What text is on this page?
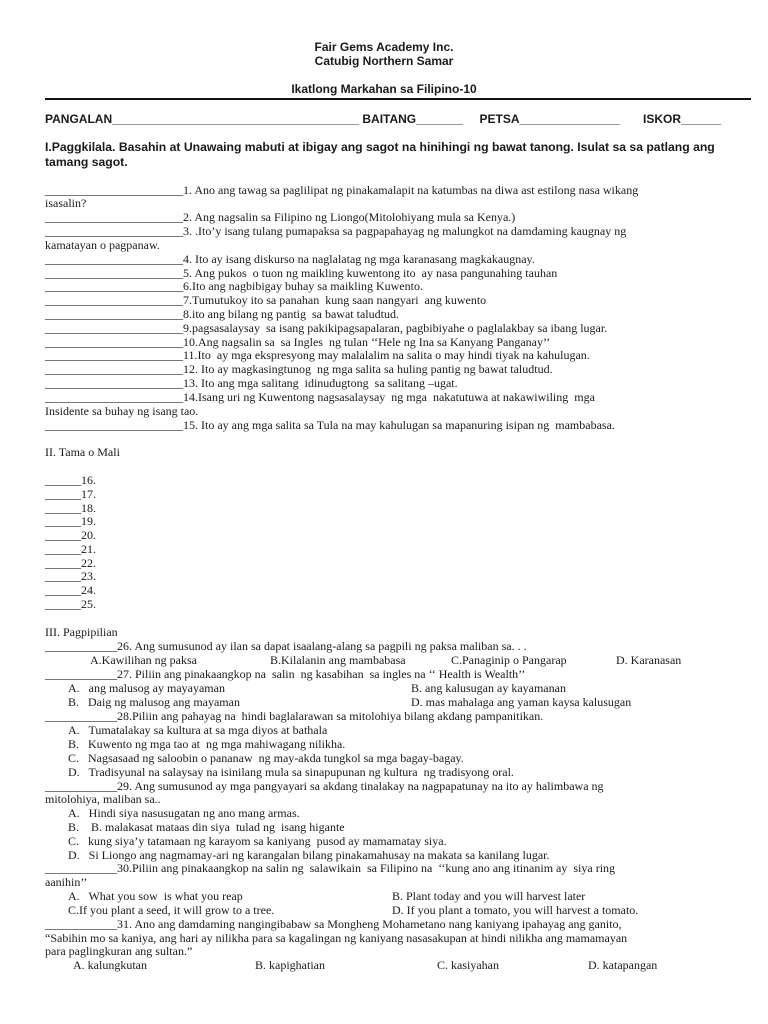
Fair Gems Academy Inc.
Catubig Northern Samar
Ikatlong Markahan sa Filipino-10
PANGALAN_____________________________________ BAITANG_______     PETSA_______________       ISKOR______
I.Paggkilala. Basahin at Unawaing mabuti at ibigay ang sagot na hinihingi ng bawat tanong. Isulat sa sa patlang ang tamang sagot.
_______________________1. Ano ang tawag sa paglilipat ng pinakamalapit na katumbas na diwa ast estilong nasa wikang
isasalin?
_______________________2. Ang nagsalin sa Filipino ng Liongo(Mitolohiyang mula sa Kenya.)
_______________________3. .Ito’y isang tulang pumapaksa sa pagpapahayag ng malungkot na damdaming kaugnay ng
kamatayan o pagpanaw.
_______________________4. Ito ay isang diskurso na naglalatag ng mga karanasang magkakaugnay.
_______________________5. Ang pukos  o tuon ng maikling kuwentong ito  ay nasa pangunahing tauhan
_______________________6.Ito ang nagbibigay buhay sa maikling Kuwento.
_______________________7.Tumutukoy ito sa panahan  kung saan nangyari  ang kuwento
_______________________8.ito ang bilang ng pantig  sa bawat taludtud.
_______________________9.pagsasalaysay  sa isang pakikipagsapalaran, pagbibiyahe o paglalakbay sa ibang lugar.
_______________________10.Ang nagsalin sa  sa Ingles  ng tulan ‘‘Hele ng Ina sa Kanyang Panganay’’
_______________________11.Ito  ay mga ekspresyong may malalalim na salita o may hindi tiyak na kahulugan.
_______________________12. Ito ay magkasingtunog  ng mga salita sa huling pantig ng bawat taludtud.
_______________________13. Ito ang mga salitang  idinudugtong  sa salitang –ugat.
_______________________14.Isang uri ng Kuwentong nagsasalaysay  ng mga  nakatutuwa at nakawiwiling  mga
Insidente sa buhay ng isang tao.
_______________________15. Ito ay ang mga salita sa Tula na may kahulugan sa mapanuring isipan ng  mambabasa.
II. Tama o Mali
______16.
______17.
______18.
______19.
______20.
______21.
______22.
______23.
______24.
______25.
III. Pagpipilian
____________26. Ang sumusunod ay ilan sa dapat isaalang-alang sa pagpili ng paksa maliban sa. . .
A.Kawilihan ng paksa	B.Kilalanin ang mambabasa	C.Panaginip o Pangarap	D. Karanasan
____________27. Piliin ang pinakaangkop na  salin  ng kasabihan  sa ingles na ‘‘ Health is Wealth’’
A.   ang malusog ay mayayaman	B. ang kalusugan ay kayamanan
B.   Daig ng malusog ang mayaman	D. mas mahalaga ang yaman kaysa kalusugan
____________28.Piliin ang pahayag na  hindi baglalarawan sa mitolohiya bilang akdang pampanitikan.
A.   Tumatalakay sa kultura at sa mga diyos at bathala
B.   Kuwento ng mga tao at  ng mga mahiwagang nilikha.
C.   Nagsasaad ng saloobin o pananaw  ng may-akda tungkol sa mga bagay-bagay.
D.   Tradisyunal na salaysay na isinilang mula sa sinapupunan ng kultura  ng tradisyong oral.
____________29. Ang sumusunod ay mga pangyayari sa akdang tinalakay na nagpapatunay na ito ay halimbawa ng
mitolohiya, maliban sa..
A.   Hindi siya nasusugatan ng ano mang armas.
B.    B. malakasat mataas din siya  tulad ng  isang higante
C.   kung siya’y tatamaan ng karayom sa kaniyang  pusod ay mamamatay siya.
D.   Si Liongo ang nagmamay-ari ng karangalan bilang pinakamahusay na makata sa kanilang lugar.
____________30.Piliin ang pinakaangkop na salin ng  salawikain  sa Filipino na  ‘‘kung ano ang itinanim ay  siya ring
aanihin’’
A.   What you sow  is what you reap	B. Plant today and you will harvest later
C.If you plant a seed, it will grow to a tree.	D. If you plant a tomato, you will harvest a tomato.
____________31. Ano ang damdaming nangingibabaw sa Mongheng Mohametano nang kaniyang ipahayag ang ganito,
“Sabihin mo sa kaniya, ang hari ay nilikha para sa kagalingan ng kaniyang nasasakupan at hindi nilikha ang mamamayan
para paglingkuran ang sultan.”
A. kalungkutan	B. kapighatian	C. kasiyahan	D. katapangan
